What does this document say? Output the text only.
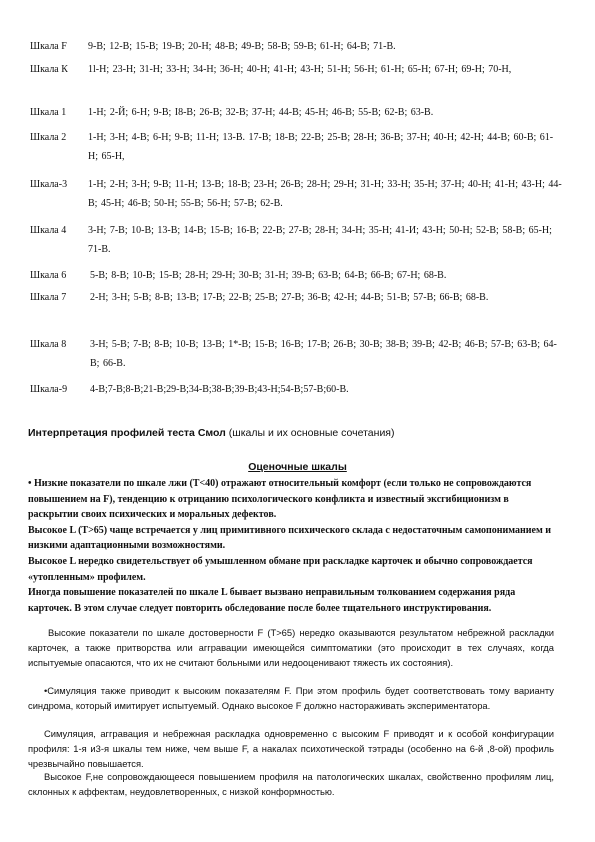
Шкала F 9-В; 12-В; 15-В; 19-В; 20-Н; 48-В; 49-В; 58-В; 59-В; 61-Н; 64-В; 71-В.
Шкала К 1l-Н; 23-Н; 31-Н; 33-Н; 34-Н; 36-Н; 40-Н; 41-Н; 43-Н; 51-Н; 56-Н; 61-Н; 65-Н; 67-Н; 69-Н; 70-Н,
Шкала 1 1-Н; 2-Й; 6-Н; 9-В; I8-В; 26-В; 32-В; З7-Н; 44-В; 45-Н; 46-В; 55-В; 62-В; 63-В.
Шкала 2 1-Н; 3-Н; 4-В; 6-Н; 9-В; 11-Н; 13-В. 17-В; 18-В; 22-В; 25-В; 28-Н; 36-В; 37-Н; 40-Н; 42-Н; 44-В; 60-В; 61-Н; 65-Н,
Шкала-3 1-Н; 2-Н; 3-Н; 9-В; 11-Н; 13-В; 18-В; 23-Н; 26-В; 28-Н; 29-Н; 31-Н; 33-Н; 35-Н; 37-Н; 40-Н; 41-Н; 43-Н; 44-В; 45-Н; 46-В; 50-Н; 55-В; 56-Н; 57-В; 62-В.
Шкала 4 3-Н; 7-В; 10-В; 13-В; 14-В; 15-В; 16-В; 22-В; 27-В; 28-Н; 34-Н; 35-Н; 41-И; 43-Н; 50-Н; 52-В; 58-В; 65-Н; 71-В.
Шкала 6 5-В; 8-В; 10-В; 15-В; 28-Н; 29-Н; 30-В; 31-Н; 39-В; 63-В; 64-В; 66-В; 67-Н; 68-В.
Шкала 7 2-Н; 3-Н; 5-В; 8-В; 13-В; 17-В; 22-В; 25-В; 27-В; 36-В; 42-Н; 44-В; 51-В; 57-В; 66-В; 68-В.
Шкала 8 3-Н; 5-В; 7-В; 8-В; 10-В; 13-В; 1*-В; 15-В; 16-В; 17-В; 26-В; 30-В; 38-В; 39-В; 42-В; 46-В; 57-В; 63-В; 64-В; 66-В.
Шкала-9 4-В;7-В;8-В;21-В;29-В;34-В;38-В;39-В;43-Н;54-В;57-В;60-В.
Интерпретация профилей теста Смол (шкалы и их основные сочетания)
Оценочные шкалы

• Низкие показатели по шкале лжи (T<40) отражают относительный комфорт (если только не сопровождаются повышением на F), тенденцию к отрицанию психологического конфликта и известный эксгибиционизм в раскрытии своих психических и моральных дефектов.

Высокое L (T>65) чаще встречается у лиц примитивного психического склада с недостаточным самопониманием и низкими адаптационными возможностями.

Высокое L нередко свидетельствует об умышленном обмане при раскладке карточек и обычно сопровождается «утопленным» профилем.

Иногда повышение показателей по шкале L бывает вызвано неправильным толкованием содержания ряда карточек. В этом случае следует повторить обследование после более тщательного инструктирования.

Высокие показатели по шкале достоверности F (Т>65) нередко оказываются результатом небрежной раскладки карточек, а также притворства или аггравации имеющейся симптоматики (это происходит в тех случаях, когда испытуемые опасаются, что их не считают больными или недооценивают тяжесть их состояния).

•Симуляция также приводит к высоким показателям F. При этом профиль будет соответствовать тому варианту синдрома, который имитирует испытуемый. Однако высокое F должно настораживать экспериментатора.

Симуляция, аггравация и небрежная раскладка одновременно с высоким F приводят и к особой конфигурации профиля: 1-я и3-я шкалы тем ниже, чем выше F, а накалах психотической тэтрады (особенно на 6-й ,8-ой) профиль чрезвычайно повышается.

Высокое F,не сопровождающееся повышением профиля на патологических шкалах, свойственно профилям лиц, склонных к аффектам, неудовлетворенных, с низкой конформностью.
